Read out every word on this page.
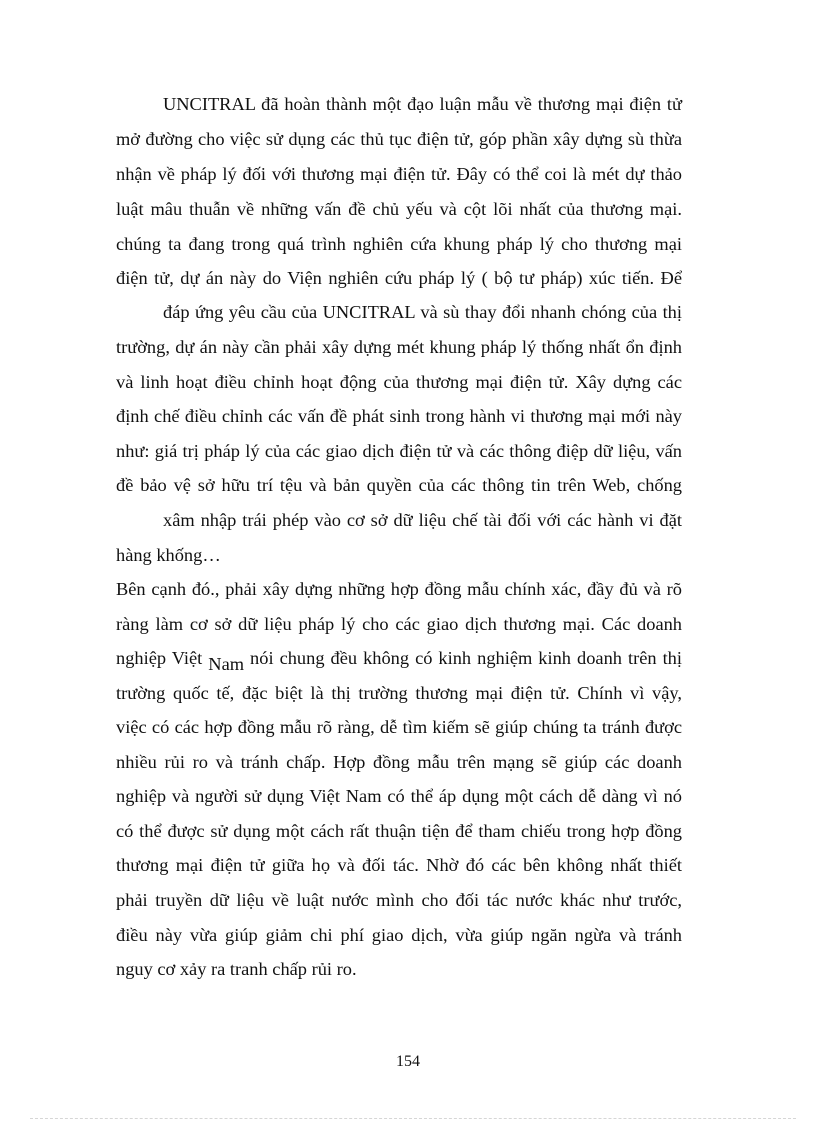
UNCITRAL đã hoàn thành một đạo luận mẫu về thương mại điện tử
mở đường cho việc sử dụng các thủ tục điện tử, góp phần xây dựng sù thừa
nhận về pháp lý đối với thương mại điện tử. Đây có thể coi là mét dự thảo
luật mâu thuẫn về những vấn đề chủ yếu và cột lõi nhất của thương mại.
chúng ta đang trong quá trình nghiên cứa khung pháp lý cho thương mại
điện tử, dự án này do Viện nghiên cứu pháp lý ( bộ tư pháp) xúc tiến. Để
đáp ứng yêu cầu của UNCITRAL và sù thay đổi nhanh chóng của thị
trường, dự án này cần phải xây dựng mét khung pháp lý thống nhất ổn định
và linh hoạt điều chỉnh hoạt động của thương mại điện tử. Xây dựng các
định chế điều chỉnh các vấn đề phát sinh trong hành vi thương mại mới này
như: giá trị pháp lý của các giao dịch điện tử và các thông điệp dữ liệu, vấn
đề bảo vệ sở hữu trí tệu và bản quyền của các thông tin trên Web, chống
xâm nhập trái phép vào cơ sở dữ liệu chế tài đối với các hành vi đặt
hàng khống…
Bên cạnh đó., phải xây dựng những hợp đồng mẫu chính xác, đầy đủ và rõ
ràng làm cơ sở dữ liệu pháp lý cho các giao dịch thương mại. Các doanh
nghiệp Việt Nam nói chung đều không có kinh nghiệm kinh doanh trên thị
trường quốc tế, đặc biệt là thị trường thương mại điện tử. Chính vì vậy,
việc có các hợp đồng mẫu rõ ràng, dễ tìm kiếm sẽ giúp chúng ta tránh được
nhiều rủi ro và tránh chấp. Hợp đồng mẫu trên mạng sẽ giúp các doanh
nghiệp và người sử dụng Việt Nam có thể áp dụng một cách dễ dàng vì nó
có thể được sử dụng một cách rất thuận tiện để tham chiếu trong hợp đồng
thương mại điện tử giữa họ và đối tác. Nhờ đó các bên không nhất thiết
phải truyền dữ liệu về luật nước mình cho đối tác nước khác như trước,
điều này vừa giúp giảm chi phí giao dịch, vừa giúp ngăn ngừa và tránh
nguy cơ xảy ra tranh chấp rủi ro.
154
